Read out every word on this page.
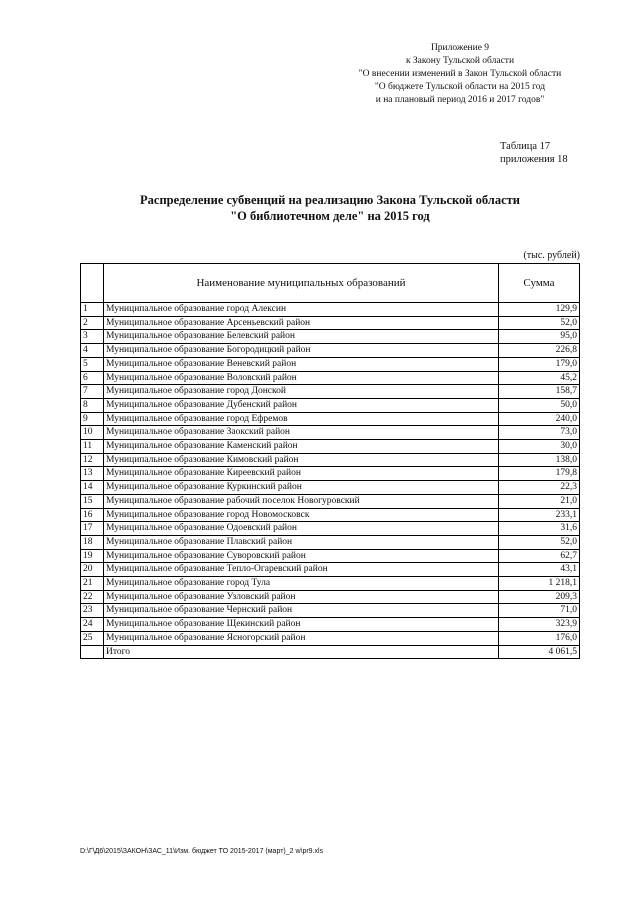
Приложение 9
к Закону Тульской области
"О внесении изменений в Закон Тульской области
"О бюджете Тульской области на 2015 год
и на плановый период 2016 и 2017 годов"
Таблица 17
приложения 18
Распределение субвенций на реализацию Закона Тульской области
"О библиотечном деле" на 2015 год
(тыс. рублей)
	Наименование муниципальных образований	Сумма
1	Муниципальное образование город Алексин	129,9
2	Муниципальное образование Арсеньевский район	52,0
3	Муниципальное образование Белевский район	95,0
4	Муниципальное образование Богородицкий район	226,8
5	Муниципальное образование Веневский район	179,0
6	Муниципальное образование Воловский район	45,2
7	Муниципальное образование город Донской	158,7
8	Муниципальное образование Дубенский район	50,0
9	Муниципальное образование город Ефремов	240,0
10	Муниципальное образование Заокский район	73,0
11	Муниципальное образование Каменский район	30,0
12	Муниципальное образование Кимовский район	138,0
13	Муниципальное образование Киреевский район	179,8
14	Муниципальное образование Куркинский район	22,3
15	Муниципальное образование рабочий поселок Новогуровский	21,0
16	Муниципальное образование город Новомосковск	233,1
17	Муниципальное образование Одоевский район	31,6
18	Муниципальное образование Плавский район	52,0
19	Муниципальное образование Суворовский район	62,7
20	Муниципальное образование Тепло-Огаревский район	43,1
21	Муниципальное образование город Тула	1 218,1
22	Муниципальное образование Узловский район	209,3
23	Муниципальное образование Чернский район	71,0
24	Муниципальное образование Щекинский район	323,9
25	Муниципальное образование Ясногорский район	176,0
	Итого	4 061,5
D:\Г\Д6\2015\ЗАКОН\ЗАС_11\Изм. бюджет ТО 2015-2017 (март)_2 w\pr9.xls
